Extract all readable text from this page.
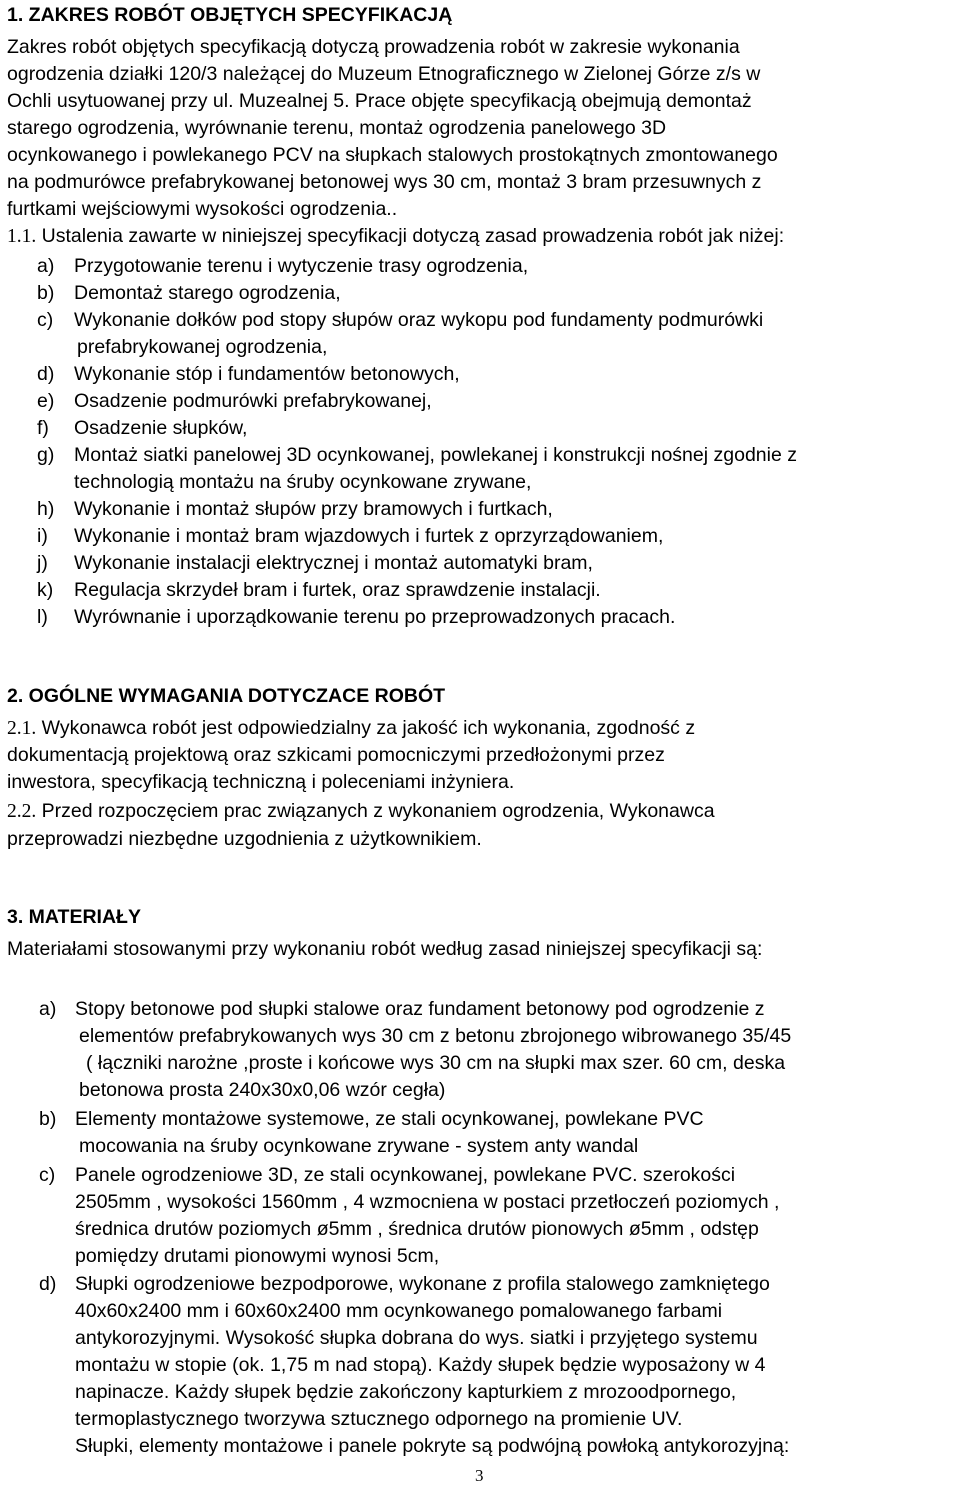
1. ZAKRES ROBÓT OBJĘTYCH SPECYFIKACJĄ
Zakres robót objętych specyfikacją dotyczą prowadzenia robót w zakresie wykonania
ogrodzenia działki 120/3 należącej do Muzeum Etnograficznego w Zielonej Górze z/s w
Ochli usytuowanej przy ul. Muzealnej 5. Prace objęte specyfikacją obejmują demontaż
starego ogrodzenia, wyrównanie terenu, montaż ogrodzenia panelowego 3D
ocynkowanego i powlekanego PCV na słupkach stalowych prostokątnych zmontowanego
na podmurówce prefabrykowanej betonowej wys 30 cm, montaż 3 bram przesuwnych z
furtkami wejściowymi wysokości ogrodzenia..
1.1. Ustalenia zawarte w niniejszej specyfikacji dotyczą zasad prowadzenia robót jak niżej:
a) Przygotowanie terenu i wytyczenie trasy ogrodzenia,
b) Demontaż starego ogrodzenia,
c) Wykonanie dołków pod stopy słupów oraz wykopu pod fundamenty podmurówki
prefabrykowanej ogrodzenia,
d) Wykonanie stóp i fundamentów betonowych,
e) Osadzenie podmurówki prefabrykowanej,
f) Osadzenie słupków,
g) Montaż siatki panelowej 3D ocynkowanej, powlekanej i konstrukcji nośnej zgodnie z
technologią montażu na śruby ocynkowane zrywane,
h) Wykonanie i montaż słupów przy bramowych i furtkach,
i) Wykonanie i montaż bram wjazdowych i furtek z oprzyrządowaniem,
j) Wykonanie instalacji elektrycznej i montaż automatyki bram,
k) Regulacja skrzydeł bram i furtek, oraz sprawdzenie instalacji.
l) Wyrównanie i uporządkowanie terenu po przeprowadzonych pracach.
2. OGÓLNE WYMAGANIA DOTYCZACE ROBÓT
2.1. Wykonawca robót jest odpowiedzialny za jakość ich wykonania, zgodność z
dokumentacją projektową oraz szkicami pomocniczymi przedłożonymi przez
inwestora, specyfikacją techniczną i poleceniami inżyniera.
2.2. Przed rozpoczęciem prac związanych z wykonaniem ogrodzenia, Wykonawca
przeprowadzi niezbędne uzgodnienia z użytkownikiem.
3. MATERIAŁY
Materiałami stosowanymi przy wykonaniu robót według zasad niniejszej specyfikacji są:
a) Stopy betonowe pod słupki stalowe oraz fundament betonowy pod ogrodzenie z
elementów prefabrykowanych wys 30 cm z betonu zbrojonego wibrowanego 35/45
( łączniki narożne ,proste i końcowe wys 30 cm na słupki max szer. 60 cm, deska
betonowa prosta 240x30x0,06 wzór cegła)
b) Elementy montażowe systemowe, ze stali ocynkowanej, powlekane PVC
mocowania na śruby ocynkowane zrywane - system anty wandal
c) Panele ogrodzeniowe 3D, ze stali ocynkowanej, powlekane PVC. szerokości
2505mm , wysokości 1560mm , 4 wzmocniena w postaci przetłoczeń poziomych ,
średnica drutów poziomych ø5mm , średnica drutów pionowych ø5mm , odstęp
pomiędzy drutami pionowymi wynosi 5cm,
d) Słupki ogrodzeniowe bezpodporowe, wykonane z profila stalowego zamkniętego
40x60x2400 mm i 60x60x2400 mm ocynkowanego pomalowanego farbami
antykorozyjnymi. Wysokość słupka dobrana do wys. siatki i przyjętego systemu
montażu w stopie (ok. 1,75 m nad stopą). Każdy słupek będzie wyposażony w 4
napinacze. Każdy słupek będzie zakończony kapturkiem z mrozoodpornego,
termoplastycznego tworzywa sztucznego odpornego na promienie UV.
Słupki, elementy montażowe i panele pokryte są podwójną powłoką antykorozyjną:
3
